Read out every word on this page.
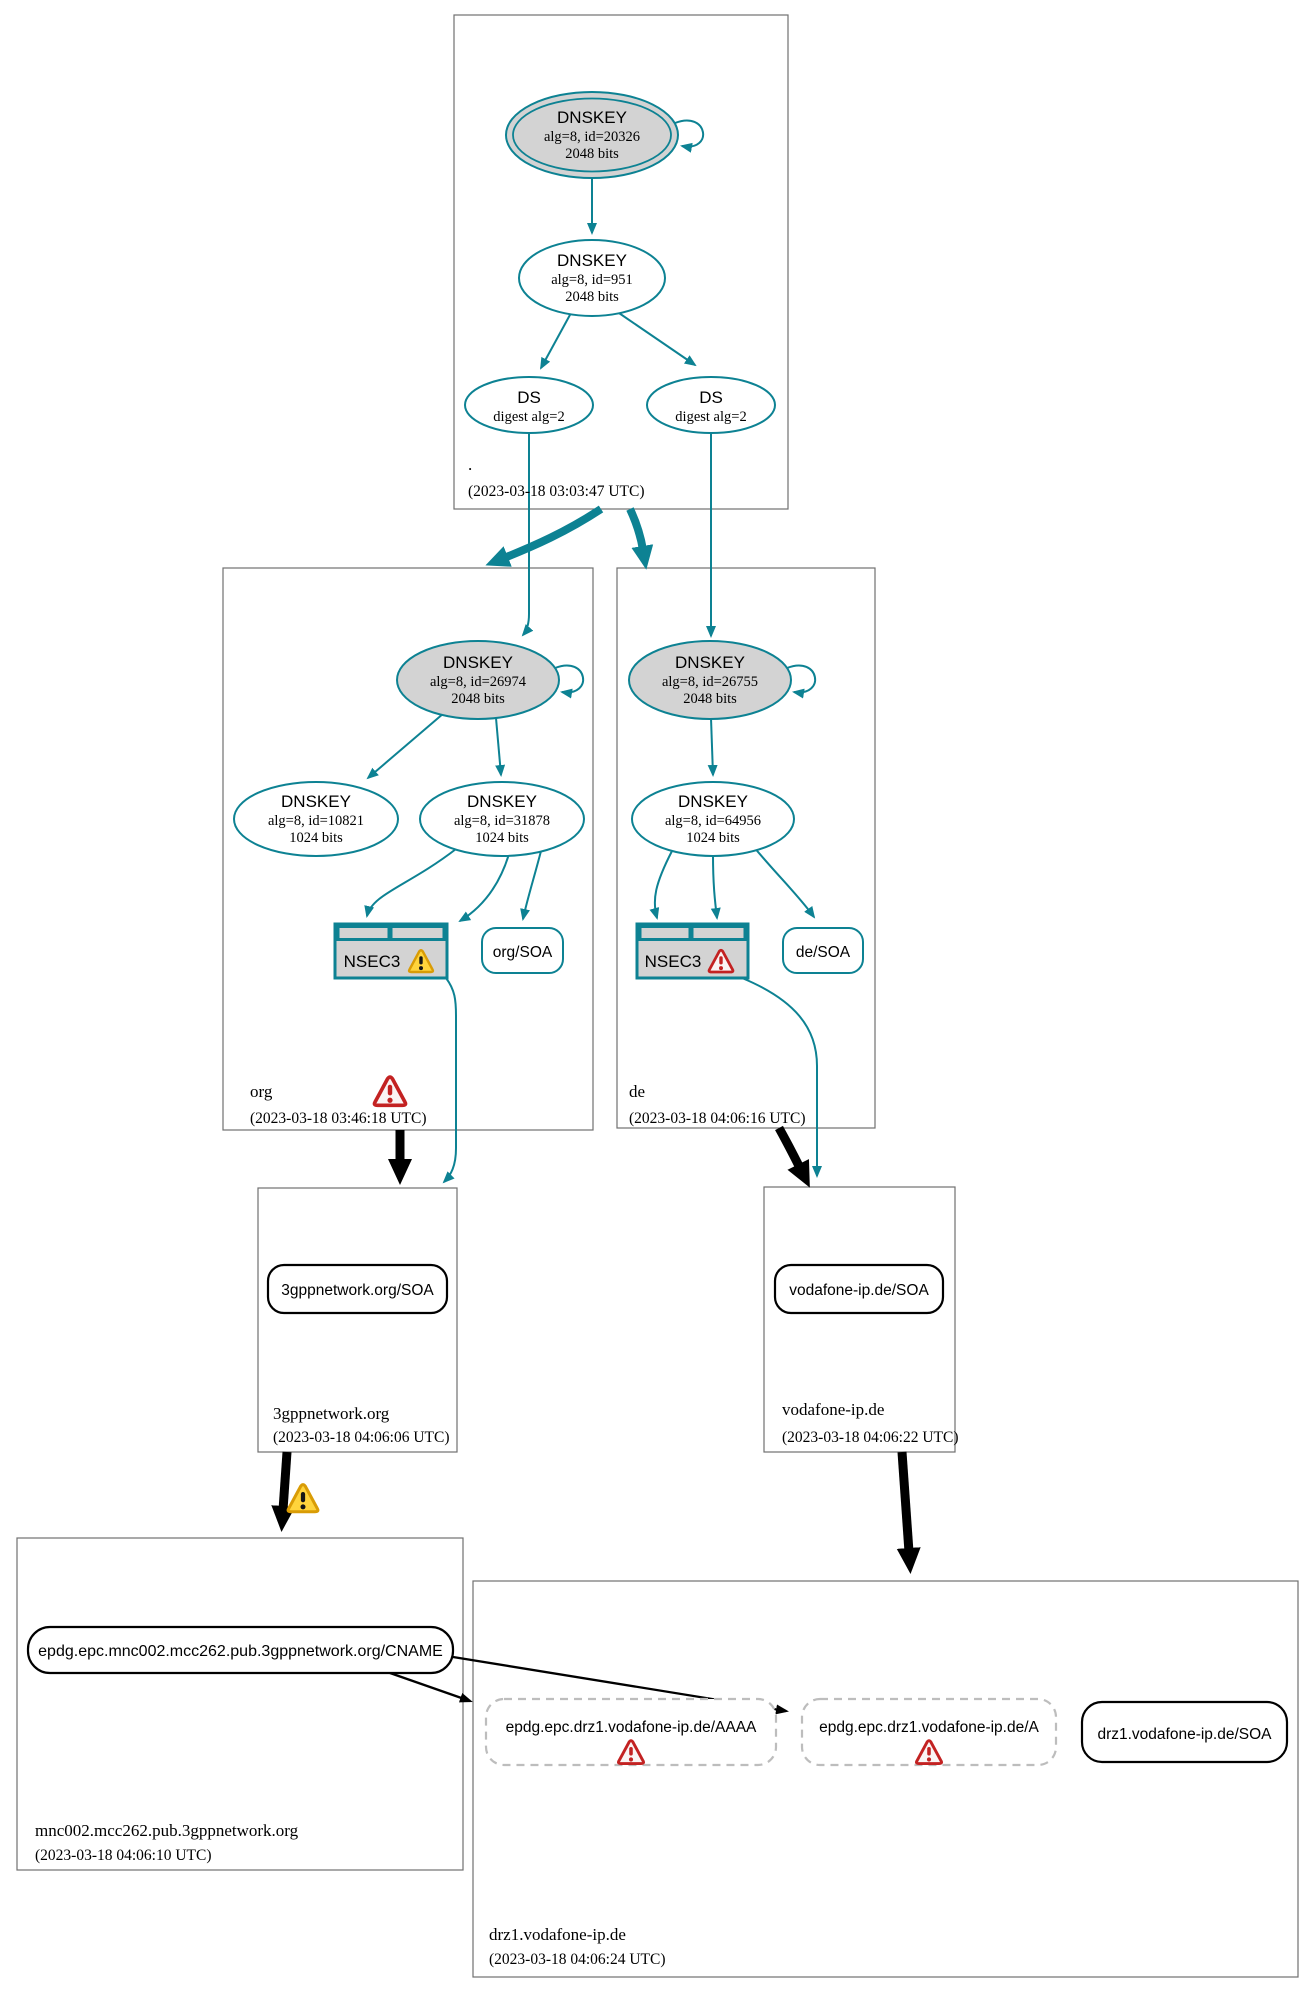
DNSKEY
alg=8, id=20326
2048 bits
DNSKEY
alg=8, id=951
2048 bits
DS
digest alg=2
DS
digest alg=2
.
(2023-03-18 03:03:47 UTC)
DNSKEY
alg=8, id=26974
2048 bits
DNSKEY
alg=8, id=10821
1024 bits
DNSKEY
alg=8, id=31878
1024 bits
NSEC3	org/SOA
org
(2023-03-18 03:46:18 UTC)
DNSKEY
alg=8, id=26755
2048 bits
DNSKEY
alg=8, id=64956
1024 bits
NSEC3	de/SOA
de
(2023-03-18 04:06:16 UTC)
3gppnetwork.org/SOA
3gppnetwork.org
(2023-03-18 04:06:06 UTC)
vodafone-ip.de/SOA
vodafone-ip.de
(2023-03-18 04:06:22 UTC)
epdg.epc.mnc002.mcc262.pub.3gppnetwork.org/CNAME
mnc002.mcc262.pub.3gppnetwork.org
(2023-03-18 04:06:10 UTC)
epdg.epc.drz1.vodafone-ip.de/AAAA	epdg.epc.drz1.vodafone-ip.de/A	drz1.vodafone-ip.de/SOA
drz1.vodafone-ip.de
(2023-03-18 04:06:24 UTC)
